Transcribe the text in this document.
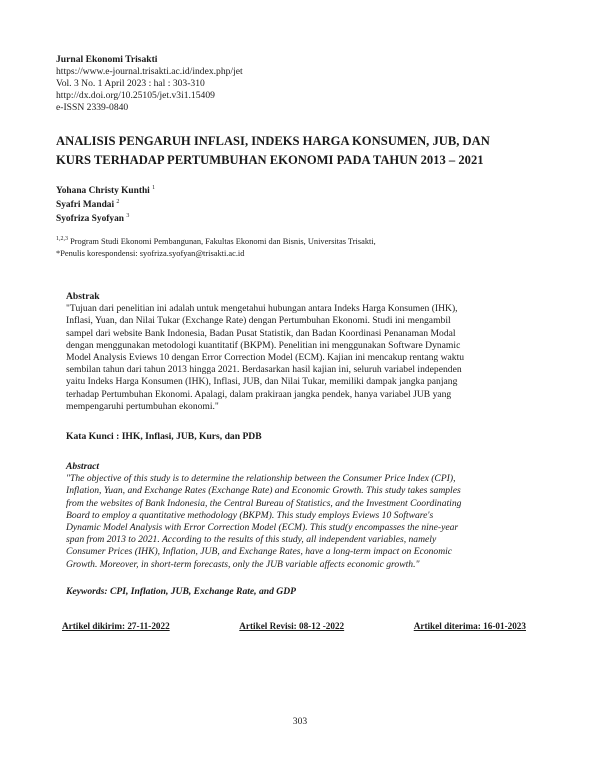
Jurnal Ekonomi Trisakti
https://www.e-journal.trisakti.ac.id/index.php/jet
Vol. 3 No. 1 April 2023 : hal : 303-310
http://dx.doi.org/10.25105/jet.v3i1.15409
e-ISSN 2339-0840
ANALISIS PENGARUH INFLASI, INDEKS HARGA KONSUMEN, JUB, DAN
KURS TERHADAP PERTUMBUHAN EKONOMI PADA TAHUN 2013 – 2021
Yohana Christy Kunthi $^1$
Syafri Mandai $^2$
Syofriza Syofyan $^3$
$^{1,2,3}$ Program Studi Ekonomi Pembangunan, Fakultas Ekonomi dan Bisnis, Universitas Trisakti,
*Penulis korespondensi: syofriza.syofyan@trisakti.ac.id
Abstrak
"Tujuan dari penelitian ini adalah untuk mengetahui hubungan antara Indeks Harga Konsumen (IHK),
Inflasi, Yuan, dan Nilai Tukar (Exchange Rate) dengan Pertumbuhan Ekonomi. Studi ini mengambil
sampel dari website Bank Indonesia, Badan Pusat Statistik, dan Badan Koordinasi Penanaman Modal
dengan menggunakan metodologi kuantitatif (BKPM). Penelitian ini menggunakan Software Dynamic
Model Analysis Eviews 10 dengan Error Correction Model (ECM). Kajian ini mencakup rentang waktu
sembilan tahun dari tahun 2013 hingga 2021. Berdasarkan hasil kajian ini, seluruh variabel independen
yaitu Indeks Harga Konsumen (IHK), Inflasi, JUB, dan Nilai Tukar, memiliki dampak jangka panjang
terhadap Pertumbuhan Ekonomi. Apalagi, dalam prakiraan jangka pendek, hanya variabel JUB yang
mempengaruhi pertumbuhan ekonomi."
Kata Kunci : IHK, Inflasi, JUB, Kurs, dan PDB
Abstract
"The objective of this study is to determine the relationship between the Consumer Price Index (CPI),
Inflation, Yuan, and Exchange Rates (Exchange Rate) and Economic Growth. This study takes samples
from the websites of Bank Indonesia, the Central Bureau of Statistics, and the Investment Coordinating
Board to employ a quantitative methodology (BKPM). This study employs Eviews 10 Software's
Dynamic Model Analysis with Error Correction Model (ECM). This stud(y encompasses the nine-year
span from 2013 to 2021. According to the results of this study, all independent variables, namely
Consumer Prices (IHK), Inflation, JUB, and Exchange Rates, have a long-term impact on Economic
Growth. Moreover, in short-term forecasts, only the JUB variable affects economic growth."
Keywords: CPI, Inflation, JUB, Exchange Rate, and GDP
Artikel dikirim: 27-11-2022	Artikel Revisi: 08-12 -2022	Artikel diterima: 16-01-2023
303
